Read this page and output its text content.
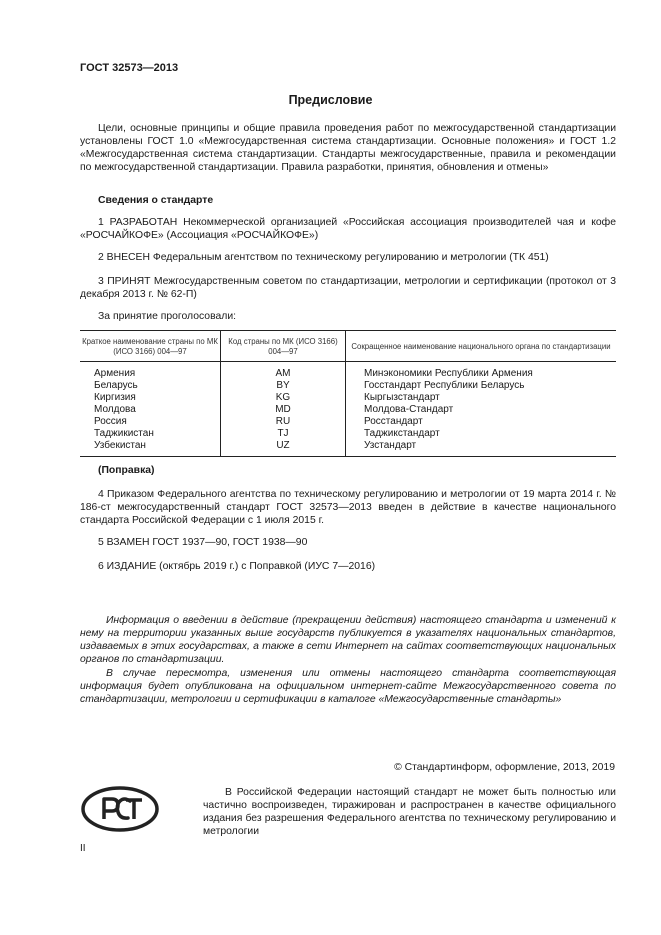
ГОСТ 32573—2013
Предисловие
Цели, основные принципы и общие правила проведения работ по межгосударственной стандартизации установлены ГОСТ 1.0 «Межгосударственная система стандартизации. Основные положения» и ГОСТ 1.2 «Межгосударственная система стандартизации. Стандарты межгосударственные, правила и рекомендации по межгосударственной стандартизации. Правила разработки, принятия, обновления и отмены»
Сведения о стандарте
1 РАЗРАБОТАН Некоммерческой организацией «Российская ассоциация производителей чая и кофе «РОСЧАЙКОФЕ» (Ассоциация «РОСЧАЙКОФЕ»)
2 ВНЕСЕН Федеральным агентством по техническому регулированию и метрологии (ТК 451)
3 ПРИНЯТ Межгосударственным советом по стандартизации, метрологии и сертификации (протокол от 3 декабря 2013 г. № 62-П)
За принятие проголосовали:
Краткое наименование страны по МК (ИСО 3166) 004—97	Код страны по МК (ИСО 3166) 004—97	Сокращенное наименование национального органа по стандартизации
Армения	AM	Минэкономики Республики Армения
Беларусь	BY	Госстандарт Республики Беларусь
Киргизия	KG	Кыргызстандарт
Молдова	MD	Молдова-Стандарт
Россия	RU	Росстандарт
Таджикистан	TJ	Таджикстандарт
Узбекистан	UZ	Узстандарт
(Поправка)
4 Приказом Федерального агентства по техническому регулированию и метрологии от 19 марта 2014 г. № 186-ст межгосударственный стандарт ГОСТ 32573—2013 введен в действие в качестве национального стандарта Российской Федерации с 1 июля 2015 г.
5 ВЗАМЕН ГОСТ 1937—90, ГОСТ 1938—90
6 ИЗДАНИЕ (октябрь 2019 г.) с Поправкой (ИУС 7—2016)
Информация о введении в действие (прекращении действия) настоящего стандарта и изменений к нему на территории указанных выше государств публикуется в указателях национальных стандартов, издаваемых в этих государствах, а также в сети Интернет на сайтах соответствующих национальных органов по стандартизации.
В случае пересмотра, изменения или отмены настоящего стандарта соответствующая информация будет опубликована на официальном интернет-сайте Межгосударственного совета по стандартизации, метрологии и сертификации в каталоге «Межгосударственные стандарты»
© Стандартинформ, оформление, 2013, 2019
В Российской Федерации настоящий стандарт не может быть полностью или частично воспроизведен, тиражирован и распространен в качестве официального издания без разрешения Федерального агентства по техническому регулированию и метрологии
II
